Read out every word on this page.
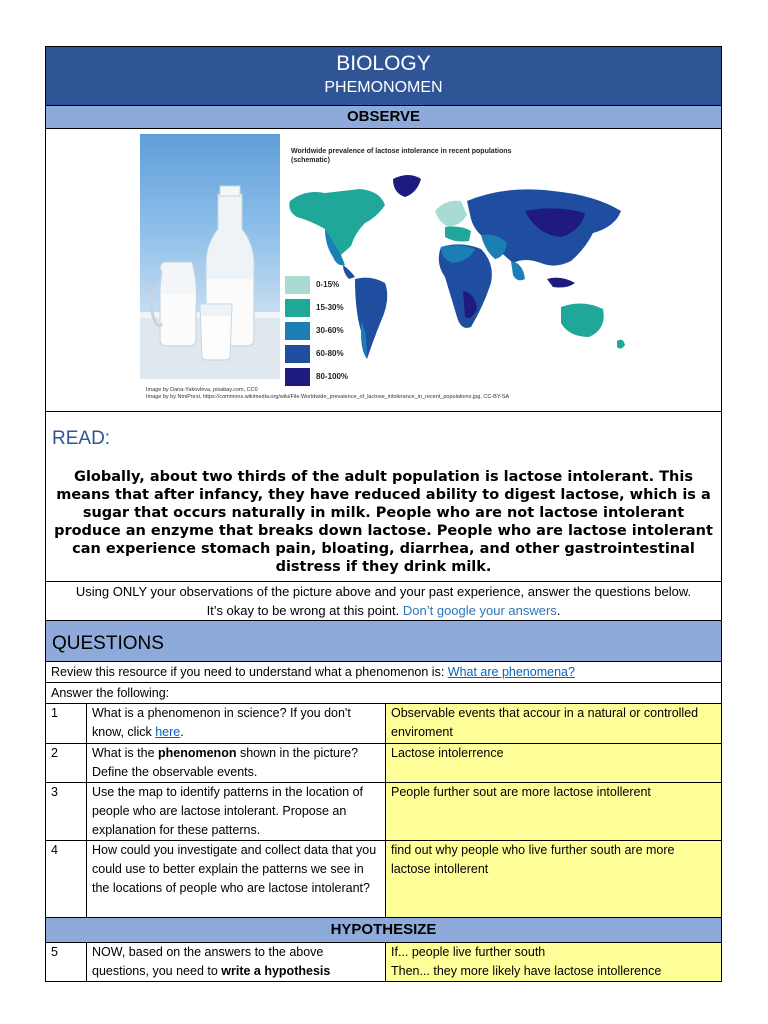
BIOLOGY
PHEMONOMEN
OBSERVE
Worldwide prevalence of lactose intolerance in recent populations
(schematic)
0-15%
15-30%
30-60%
60-80%
80-100%
Image by Dana-Yakovleva, pixabay.com, CC0
Image by by NmiPorsi, https://commons.wikimedia.org/wiki/File:Worldwide_prevalence_of_lactose_intolerance_in_recent_populations.jpg, CC-BY-SA
READ:
Globally, about two thirds of the adult population is lactose intolerant. This means that after infancy, they have reduced ability to digest lactose, which is a sugar that occurs naturally in milk. People who are not lactose intolerant produce an enzyme that breaks down lactose. People who are lactose intolerant can experience stomach pain, bloating, diarrhea, and other gastrointestinal distress if they drink milk.
Using ONLY your observations of the picture above and your past experience, answer the questions below.
It’s okay to be wrong at this point. Don’t google your answers.
QUESTIONS
Review this resource if you need to understand what a phenomenon is: What are phenomena?
Answer the following:
1	What is a phenomenon in science? If you don't know, click here.	Observable events that accour in a natural or controlled enviroment
2	What is the phenomenon shown in the picture? Define the observable events.	Lactose intolerrence
3	Use the map to identify patterns in the location of people who are lactose intolerant. Propose an explanation for these patterns.	People further sout are more lactose intollerent
4	How could you investigate and collect data that you could use to better explain the patterns we see in the locations of people who are lactose intolerant?	find out why people who live further south are more lactose intollerent

HYPOTHESIZE		

5	NOW, based on the answers to the above questions, you need to write a hypothesis	If... people live further south
Then... they more likely have lactose intollerence
